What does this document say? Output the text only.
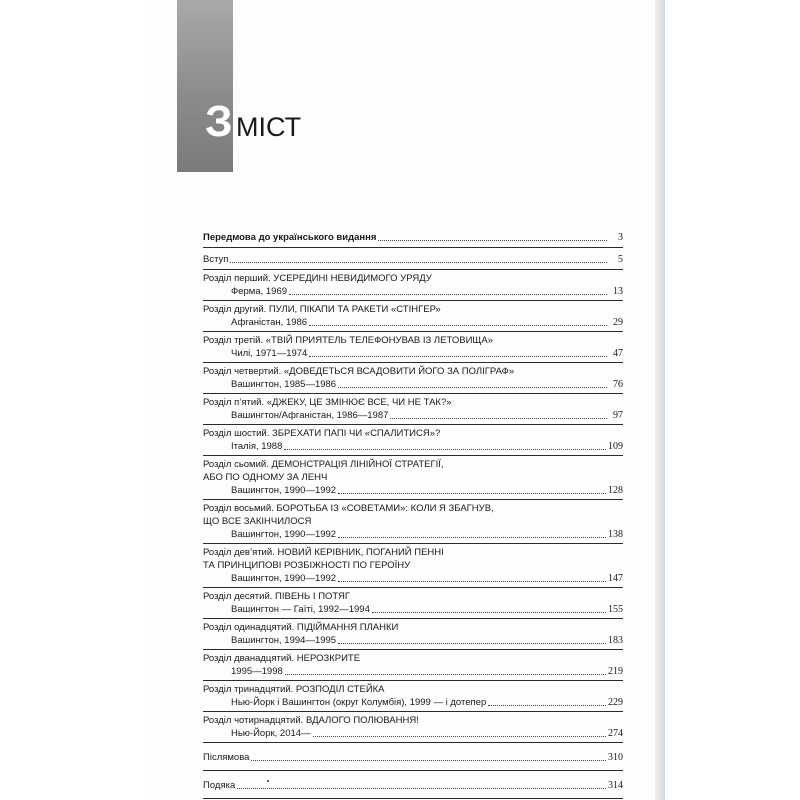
З МІСТ
Передмова до українського видання	3
Вступ	5
Розділ перший. УСЕРЕДИНІ НЕВИДИМОГО УРЯДУ
Ферма, 1969	13
Розділ другий. ПУЛИ, ПІКАПИ ТА РАКЕТИ «СТІНГЕР»
Афганістан, 1986	29
Розділ третій. «ТВІЙ ПРИЯТЕЛЬ ТЕЛЕФОНУВАВ ІЗ ЛЕТОВИЩА»
Чилі, 1971—1974	47
Розділ четвертий. «ДОВЕДЕТЬСЯ ВСАДОВИТИ ЙОГО ЗА ПОЛІГРАФ»
Вашингтон, 1985—1986	76
Розділ п’ятий. «ДЖЕКУ, ЦЕ ЗМІНЮЄ ВСЕ, ЧИ НЕ ТАК?»
Вашингтон/Афганістан, 1986—1987	97
Розділ шостий. ЗБРЕХАТИ ПАПІ ЧИ «СПАЛИТИСЯ»?
Італія, 1988	109
Розділ сьомий. ДЕМОНСТРАЦІЯ ЛІНІЙНОЇ СТРАТЕГІЇ,
АБО ПО ОДНОМУ ЗА ЛЕНЧ
Вашингтон, 1990—1992	128
Розділ восьмий. БОРОТЬБА ІЗ «СОВЕТАМИ»: КОЛИ Я ЗБАГНУВ,
ЩО ВСЕ ЗАКІНЧИЛОСЯ
Вашингтон, 1990—1992	138
Розділ дев’ятий. НОВИЙ КЕРІВНИК, ПОГАНИЙ ПЕННІ
ТА ПРИНЦИПОВІ РОЗБІЖНОСТІ ПО ГЕРОЇНУ
Вашингтон, 1990—1992	147
Розділ десятий. ПІВЕНЬ І ПОТЯГ
Вашингтон — Гаїті, 1992—1994	155
Розділ одинадцятий. ПІДІЙМАННЯ ПЛАНКИ
Вашингтон, 1994—1995	183
Розділ дванадцятий. НЕРОЗКРИТЕ
1995—1998	219
Розділ тринадцятий. РОЗПОДІЛ СТЕЙКА
Нью-Йорк і Вашингтон (округ Колумбія), 1999 — і дотепер	229
Розділ чотирнадцятий. ВДАЛОГО ПОЛЮВАННЯ!
Нью-Йорк, 2014—	274
Післямова	310
Подяка	314
